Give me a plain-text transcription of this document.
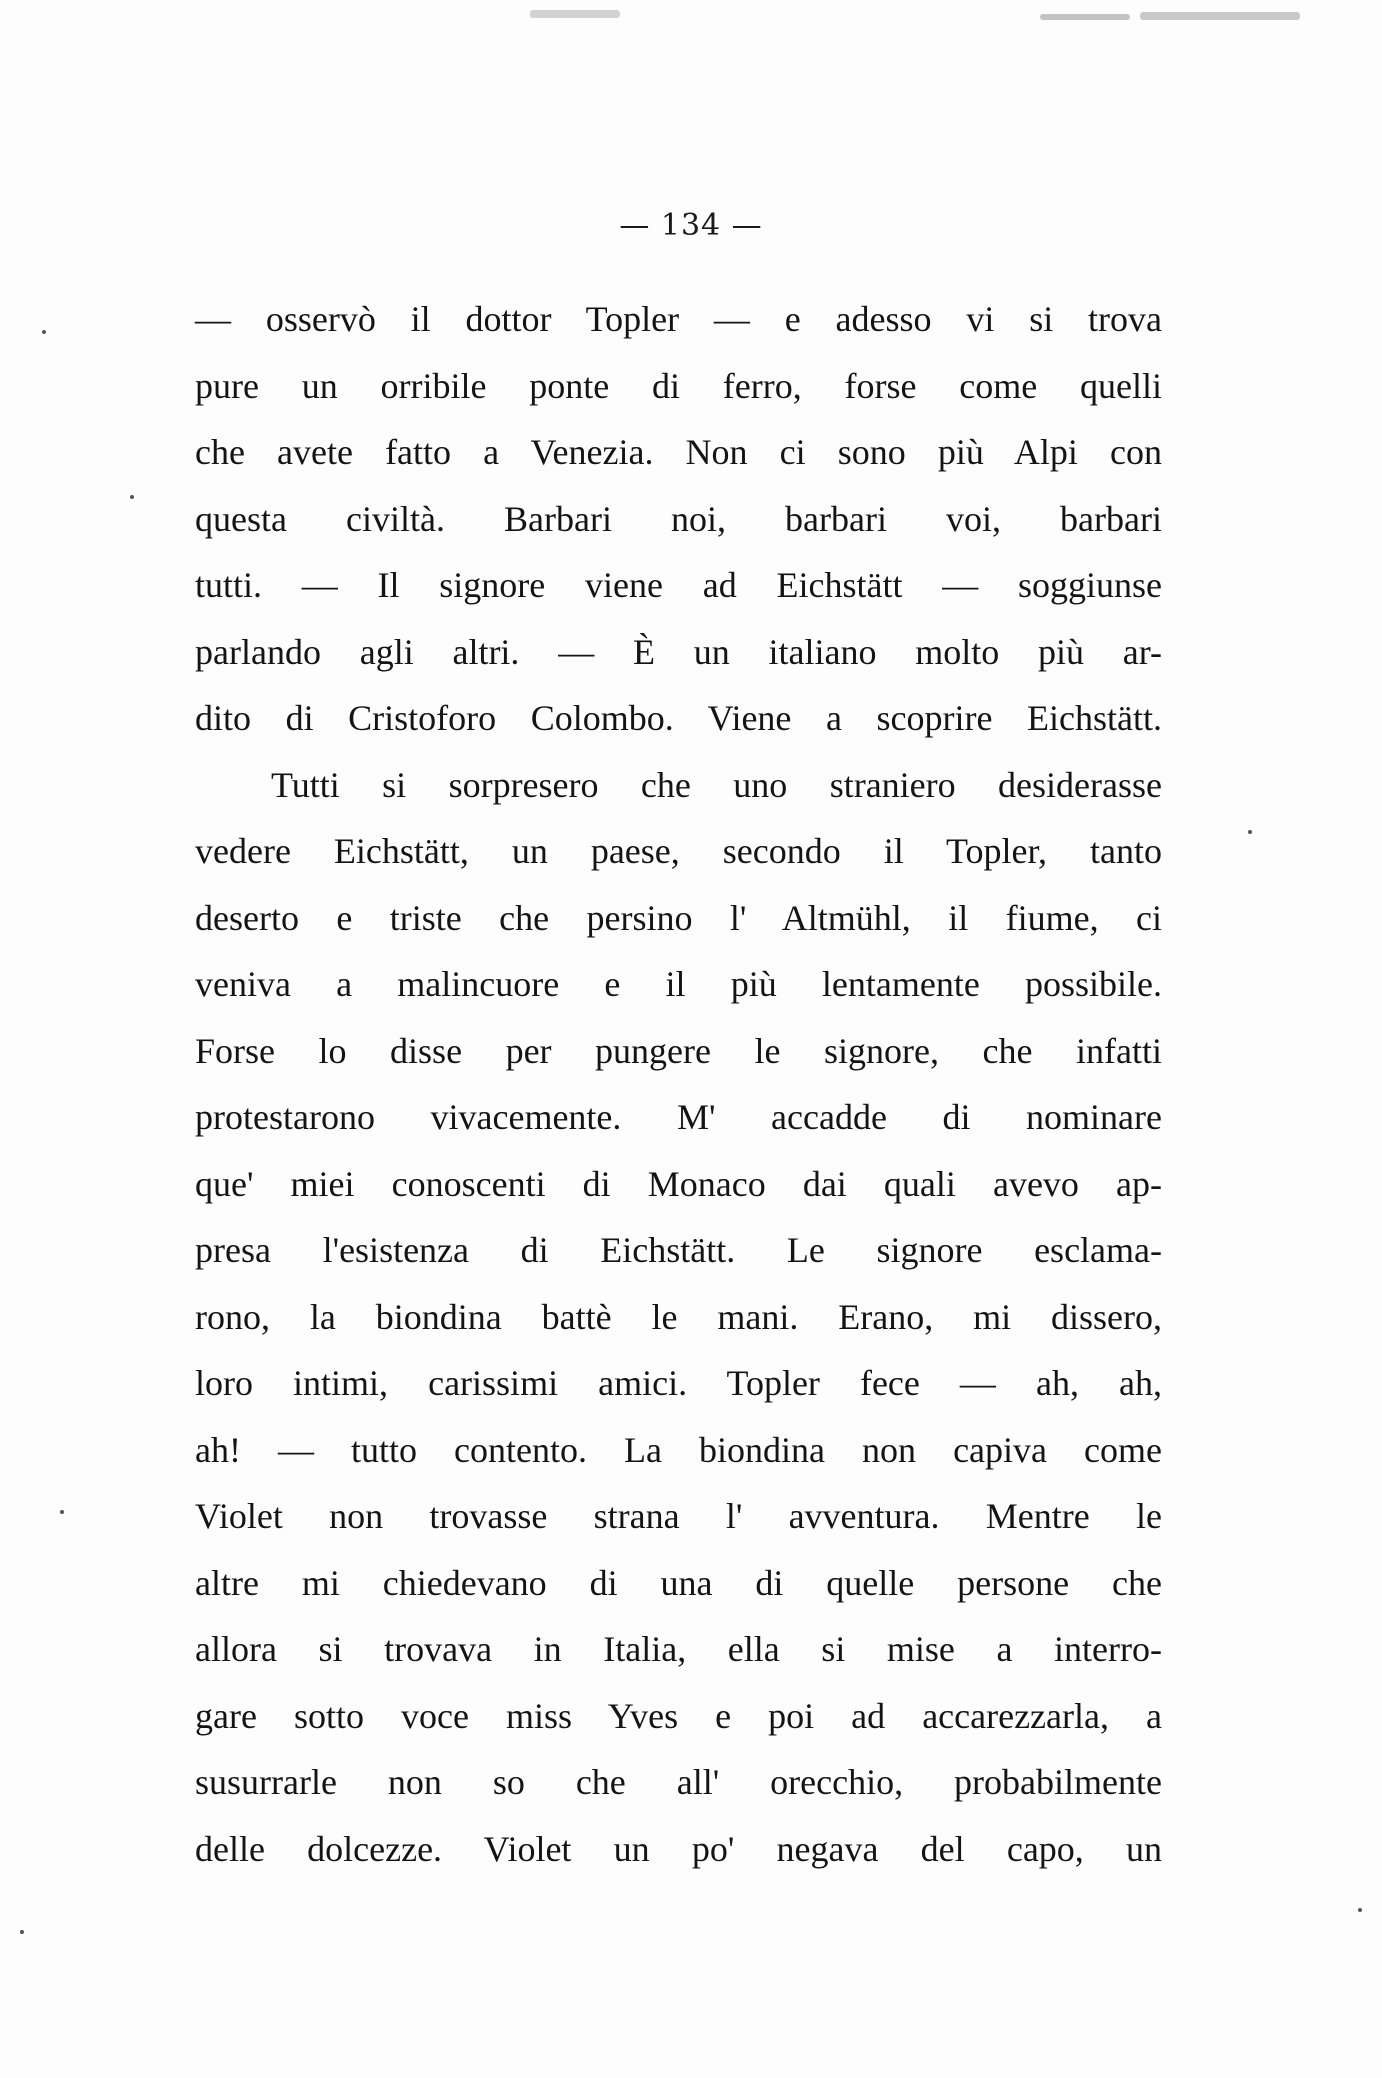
— 134 —
— osservò il dottor Topler — e adesso vi si trova
pure un orribile ponte di ferro, forse come quelli
che avete fatto a Venezia. Non ci sono più Alpi con
questa civiltà. Barbari noi, barbari voi, barbari
tutti. — Il signore viene ad Eichstätt — soggiunse
parlando agli altri. — È un italiano molto più ar-
dito di Cristoforo Colombo. Viene a scoprire Eichstätt.
Tutti si sorpresero che uno straniero desiderasse
vedere Eichstätt, un paese, secondo il Topler, tanto
deserto e triste che persino l' Altmühl, il fiume, ci
veniva a malincuore e il più lentamente possibile.
Forse lo disse per pungere le signore, che infatti
protestarono vivacemente. M' accadde di nominare
que' miei conoscenti di Monaco dai quali avevo ap-
presa l'esistenza di Eichstätt. Le signore esclama-
rono, la biondina battè le mani. Erano, mi dissero,
loro intimi, carissimi amici. Topler fece — ah, ah,
ah! — tutto contento. La biondina non capiva come
Violet non trovasse strana l' avventura. Mentre le
altre mi chiedevano di una di quelle persone che
allora si trovava in Italia, ella si mise a interro-
gare sotto voce miss Yves e poi ad accarezzarla, a
susurrarle non so che all' orecchio, probabilmente
delle dolcezze. Violet un po' negava del capo, un
